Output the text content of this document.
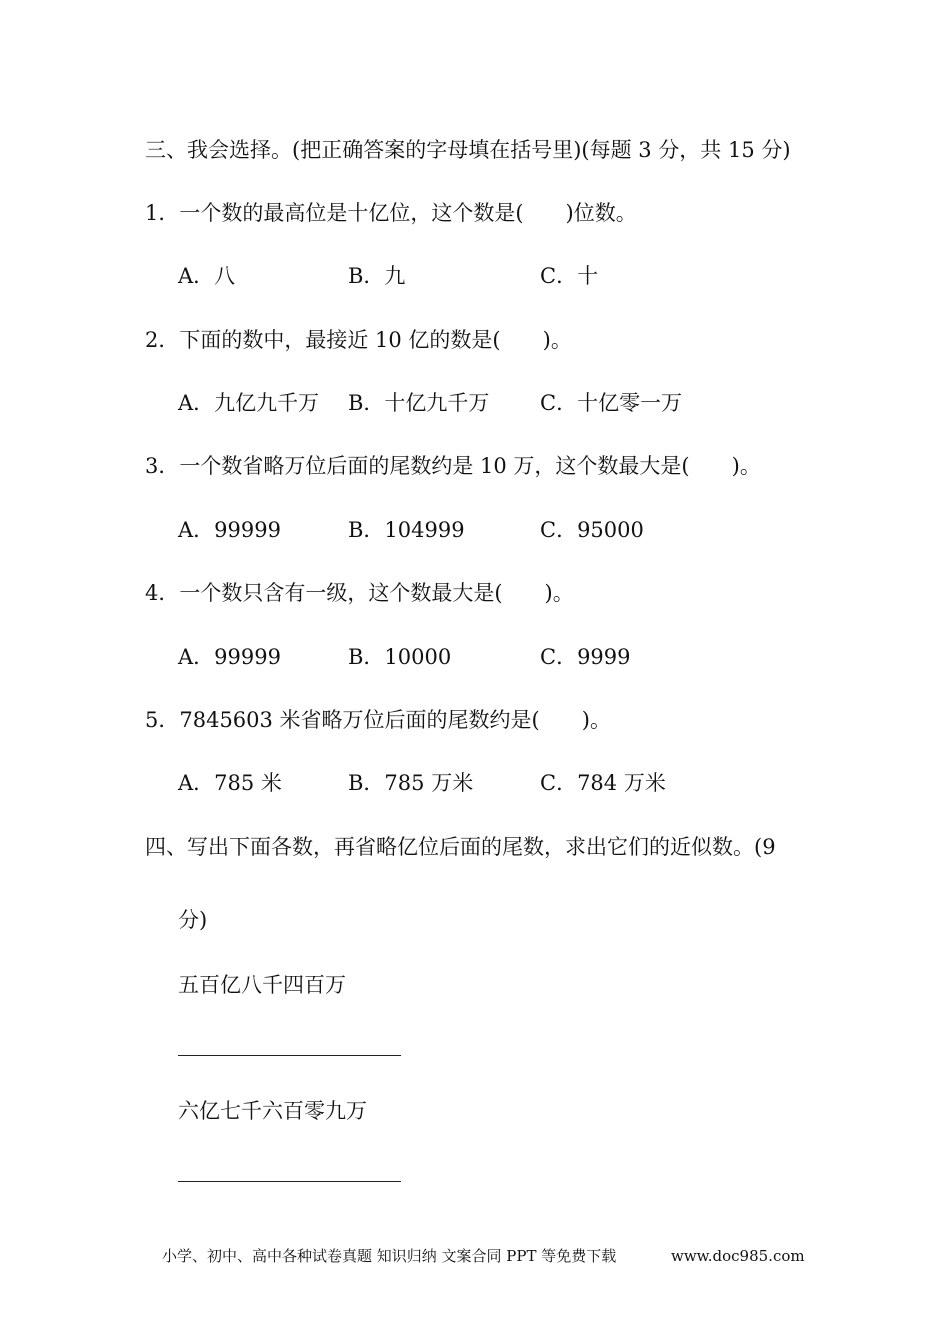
三、我会选择。(把正确答案的字母填在括号里)(每题 3 分，共 15 分)
1．一个数的最高位是十亿位，这个数是(　　)位数。
A．八	B．九	C．十
2．下面的数中，最接近 10 亿的数是(　　)。
A．九亿九千万 B．十亿九千万 C．十亿零一万
3．一个数省略万位后面的尾数约是 10 万，这个数最大是(　　)。
A．99999	B．104999	C．95000
4．一个数只含有一级，这个数最大是(　　)。
A．99999	B．10000	C．9999
5．7845603 米省略万位后面的尾数约是(　　)。
A．785 米	B．785 万米	C．784 万米
四、写出下面各数，再省略亿位后面的尾数，求出它们的近似数。(9
分)
五百亿八千四百万
六亿七千六百零九万
小学、初中、高中各种试卷真题 知识归纳 文案合同 PPT 等免费下载	www.doc985.com
